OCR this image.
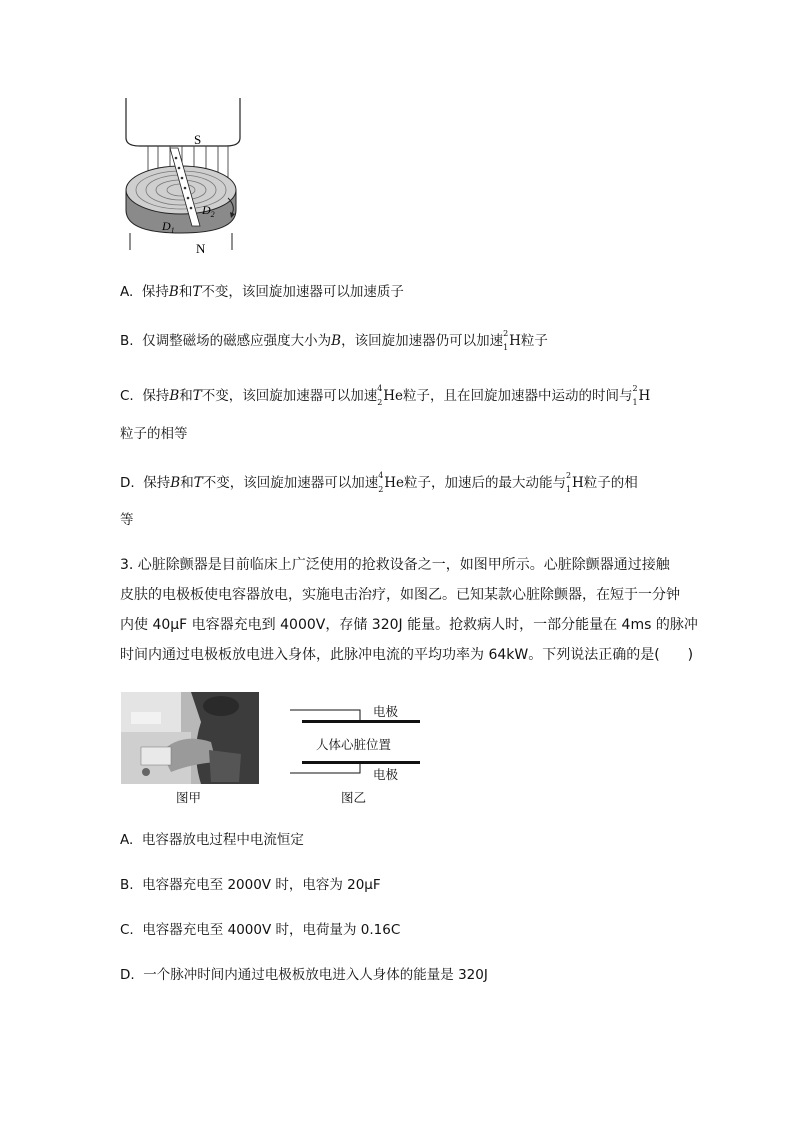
S
N
$D_1$
$D_2$
A. 保持B和T不变，该回旋加速器可以加速质子
B. 仅调整磁场的磁感应强度大小为B，该回旋加速器仍可以加速 2
1 H粒子
C. 保持B和T不变，该回旋加速器可以加速 4
2 He粒子，且在回旋加速器中运动的时间与 2
1 H
粒子的相等
D. 保持B和T不变，该回旋加速器可以加速 4
2 He粒子，加速后的最大动能与 2
1 H粒子的相
等
3. 心脏除颤器是目前临床上广泛使用的抢救设备之一，如图甲所示。心脏除颤器通过接触
皮肤的电极板使电容器放电，实施电击治疗，如图乙。已知某款心脏除颤器，在短于一分钟
内使 40μF 电容器充电到 4000V，存储 320J 能量。抢救病人时，一部分能量在 4ms 的脉冲
时间内通过电极板放电进入身体，此脉冲电流的平均功率为 64kW。下列说法正确的是(　　)
图甲
电极
人体心脏位置
电极
图乙
A. 电容器放电过程中电流恒定
B. 电容器充电至 2000V 时，电容为 20μF
C. 电容器充电至 4000V 时，电荷量为 0.16C
D. 一个脉冲时间内通过电极板放电进入人身体的能量是 320J
